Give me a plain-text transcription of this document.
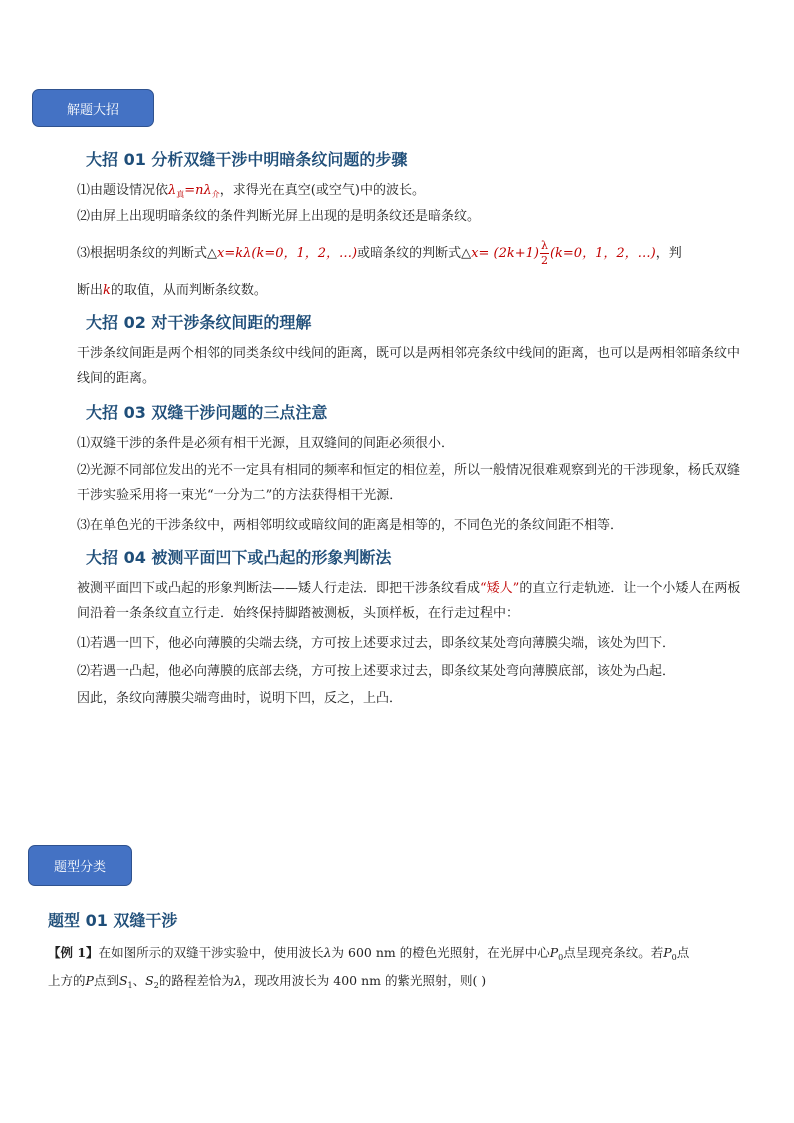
解题大招
大招 01 分析双缝干涉中明暗条纹问题的步骤
⑴由题设情况依$\lambda_真=n\lambda_介$，求得光在真空(或空气)中的波长。
⑵由屏上出现明暗条纹的条件判断光屏上出现的是明条纹还是暗条纹。
⑶根据明条纹的判断式△x=kλ(k=0，1，2，…)或暗条纹的判断式△x= $(2k+1) \frac{\lambda}{2} (k=0$，1，2，…)，判
断出k的取值，从而判断条纹数。
大招 02 对干涉条纹间距的理解
干涉条纹间距是两个相邻的同类条纹中线间的距离，既可以是两相邻亮条纹中线间的距离，也可以是两相邻暗条纹中线间的距离。
大招 03 双缝干涉问题的三点注意
⑴双缝干涉的条件是必须有相干光源，且双缝间的间距必须很小．
⑵光源不同部位发出的光不一定具有相同的频率和恒定的相位差，所以一般情况很难观察到光的干涉现象，杨氏双缝干涉实验采用将一束光“一分为二”的方法获得相干光源．
⑶在单色光的干涉条纹中，两相邻明纹或暗纹间的距离是相等的，不同色光的条纹间距不相等．
大招 04 被测平面凹下或凸起的形象判断法
被测平面凹下或凸起的形象判断法——矮人行走法．即把干涉条纹看成“矮人”的直立行走轨迹．让一个小矮人在两板间沿着一条条纹直立行走．始终保持脚踏被测板，头顶样板，在行走过程中：
⑴若遇一凹下，他必向薄膜的尖端去绕，方可按上述要求过去，即条纹某处弯向薄膜尖端，该处为凹下．
⑵若遇一凸起，他必向薄膜的底部去绕，方可按上述要求过去，即条纹某处弯向薄膜底部，该处为凸起．
因此，条纹向薄膜尖端弯曲时，说明下凹，反之，上凸．
题型分类
题型 01 双缝干涉
【例 1】在如图所示的双缝干涉实验中，使用波长λ为 600 nm 的橙色光照射，在光屏中心$P_0$点呈现亮条纹。若$P_0$点
上方的P点到$S_1$、$S_2$的路程差恰为λ，现改用波长为 400 nm 的紫光照射，则( )
